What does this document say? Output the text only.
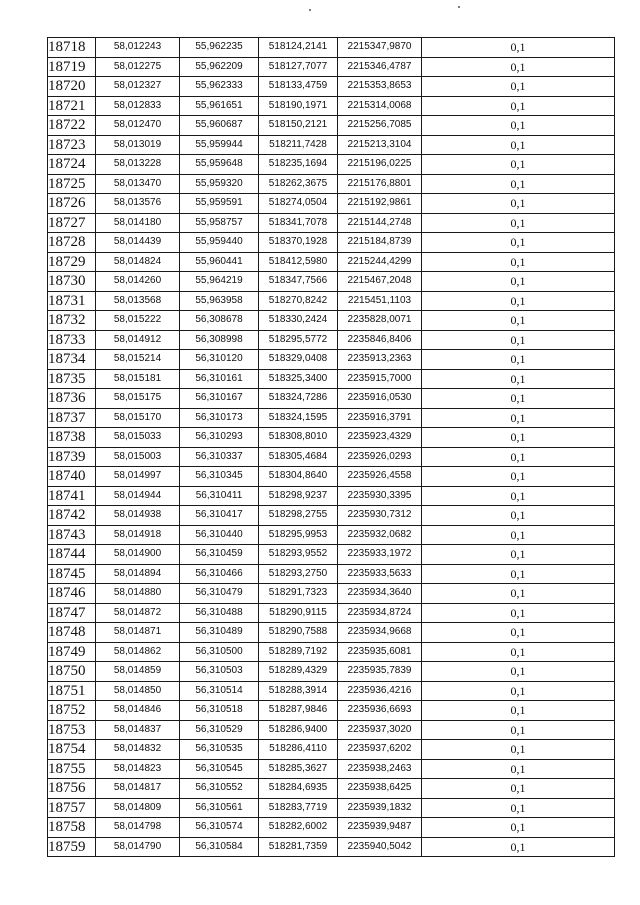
18718	58,012243	55,962235	518124,2141	2215347,9870	0,1
18719	58,012275	55,962209	518127,7077	2215346,4787	0,1
18720	58,012327	55,962333	518133,4759	2215353,8653	0,1
18721	58,012833	55,961651	518190,1971	2215314,0068	0,1
18722	58,012470	55,960687	518150,2121	2215256,7085	0,1
18723	58,013019	55,959944	518211,7428	2215213,3104	0,1
18724	58,013228	55,959648	518235,1694	2215196,0225	0,1
18725	58,013470	55,959320	518262,3675	2215176,8801	0,1
18726	58,013576	55,959591	518274,0504	2215192,9861	0,1
18727	58,014180	55,958757	518341,7078	2215144,2748	0,1
18728	58,014439	55,959440	518370,1928	2215184,8739	0,1
18729	58,014824	55,960441	518412,5980	2215244,4299	0,1
18730	58,014260	55,964219	518347,7566	2215467,2048	0,1
18731	58,013568	55,963958	518270,8242	2215451,1103	0,1
18732	58,015222	56,308678	518330,2424	2235828,0071	0,1
18733	58,014912	56,308998	518295,5772	2235846,8406	0,1
18734	58,015214	56,310120	518329,0408	2235913,2363	0,1
18735	58,015181	56,310161	518325,3400	2235915,7000	0,1
18736	58,015175	56,310167	518324,7286	2235916,0530	0,1
18737	58,015170	56,310173	518324,1595	2235916,3791	0,1
18738	58,015033	56,310293	518308,8010	2235923,4329	0,1
18739	58,015003	56,310337	518305,4684	2235926,0293	0,1
18740	58,014997	56,310345	518304,8640	2235926,4558	0,1
18741	58,014944	56,310411	518298,9237	2235930,3395	0,1
18742	58,014938	56,310417	518298,2755	2235930,7312	0,1
18743	58,014918	56,310440	518295,9953	2235932,0682	0,1
18744	58,014900	56,310459	518293,9552	2235933,1972	0,1
18745	58,014894	56,310466	518293,2750	2235933,5633	0,1
18746	58,014880	56,310479	518291,7323	2235934,3640	0,1
18747	58,014872	56,310488	518290,9115	2235934,8724	0,1
18748	58,014871	56,310489	518290,7588	2235934,9668	0,1
18749	58,014862	56,310500	518289,7192	2235935,6081	0,1
18750	58,014859	56,310503	518289,4329	2235935,7839	0,1
18751	58,014850	56,310514	518288,3914	2235936,4216	0,1
18752	58,014846	56,310518	518287,9846	2235936,6693	0,1
18753	58,014837	56,310529	518286,9400	2235937,3020	0,1
18754	58,014832	56,310535	518286,4110	2235937,6202	0,1
18755	58,014823	56,310545	518285,3627	2235938,2463	0,1
18756	58,014817	56,310552	518284,6935	2235938,6425	0,1
18757	58,014809	56,310561	518283,7719	2235939,1832	0,1
18758	58,014798	56,310574	518282,6002	2235939,9487	0,1
18759	58,014790	56,310584	518281,7359	2235940,5042	0,1
